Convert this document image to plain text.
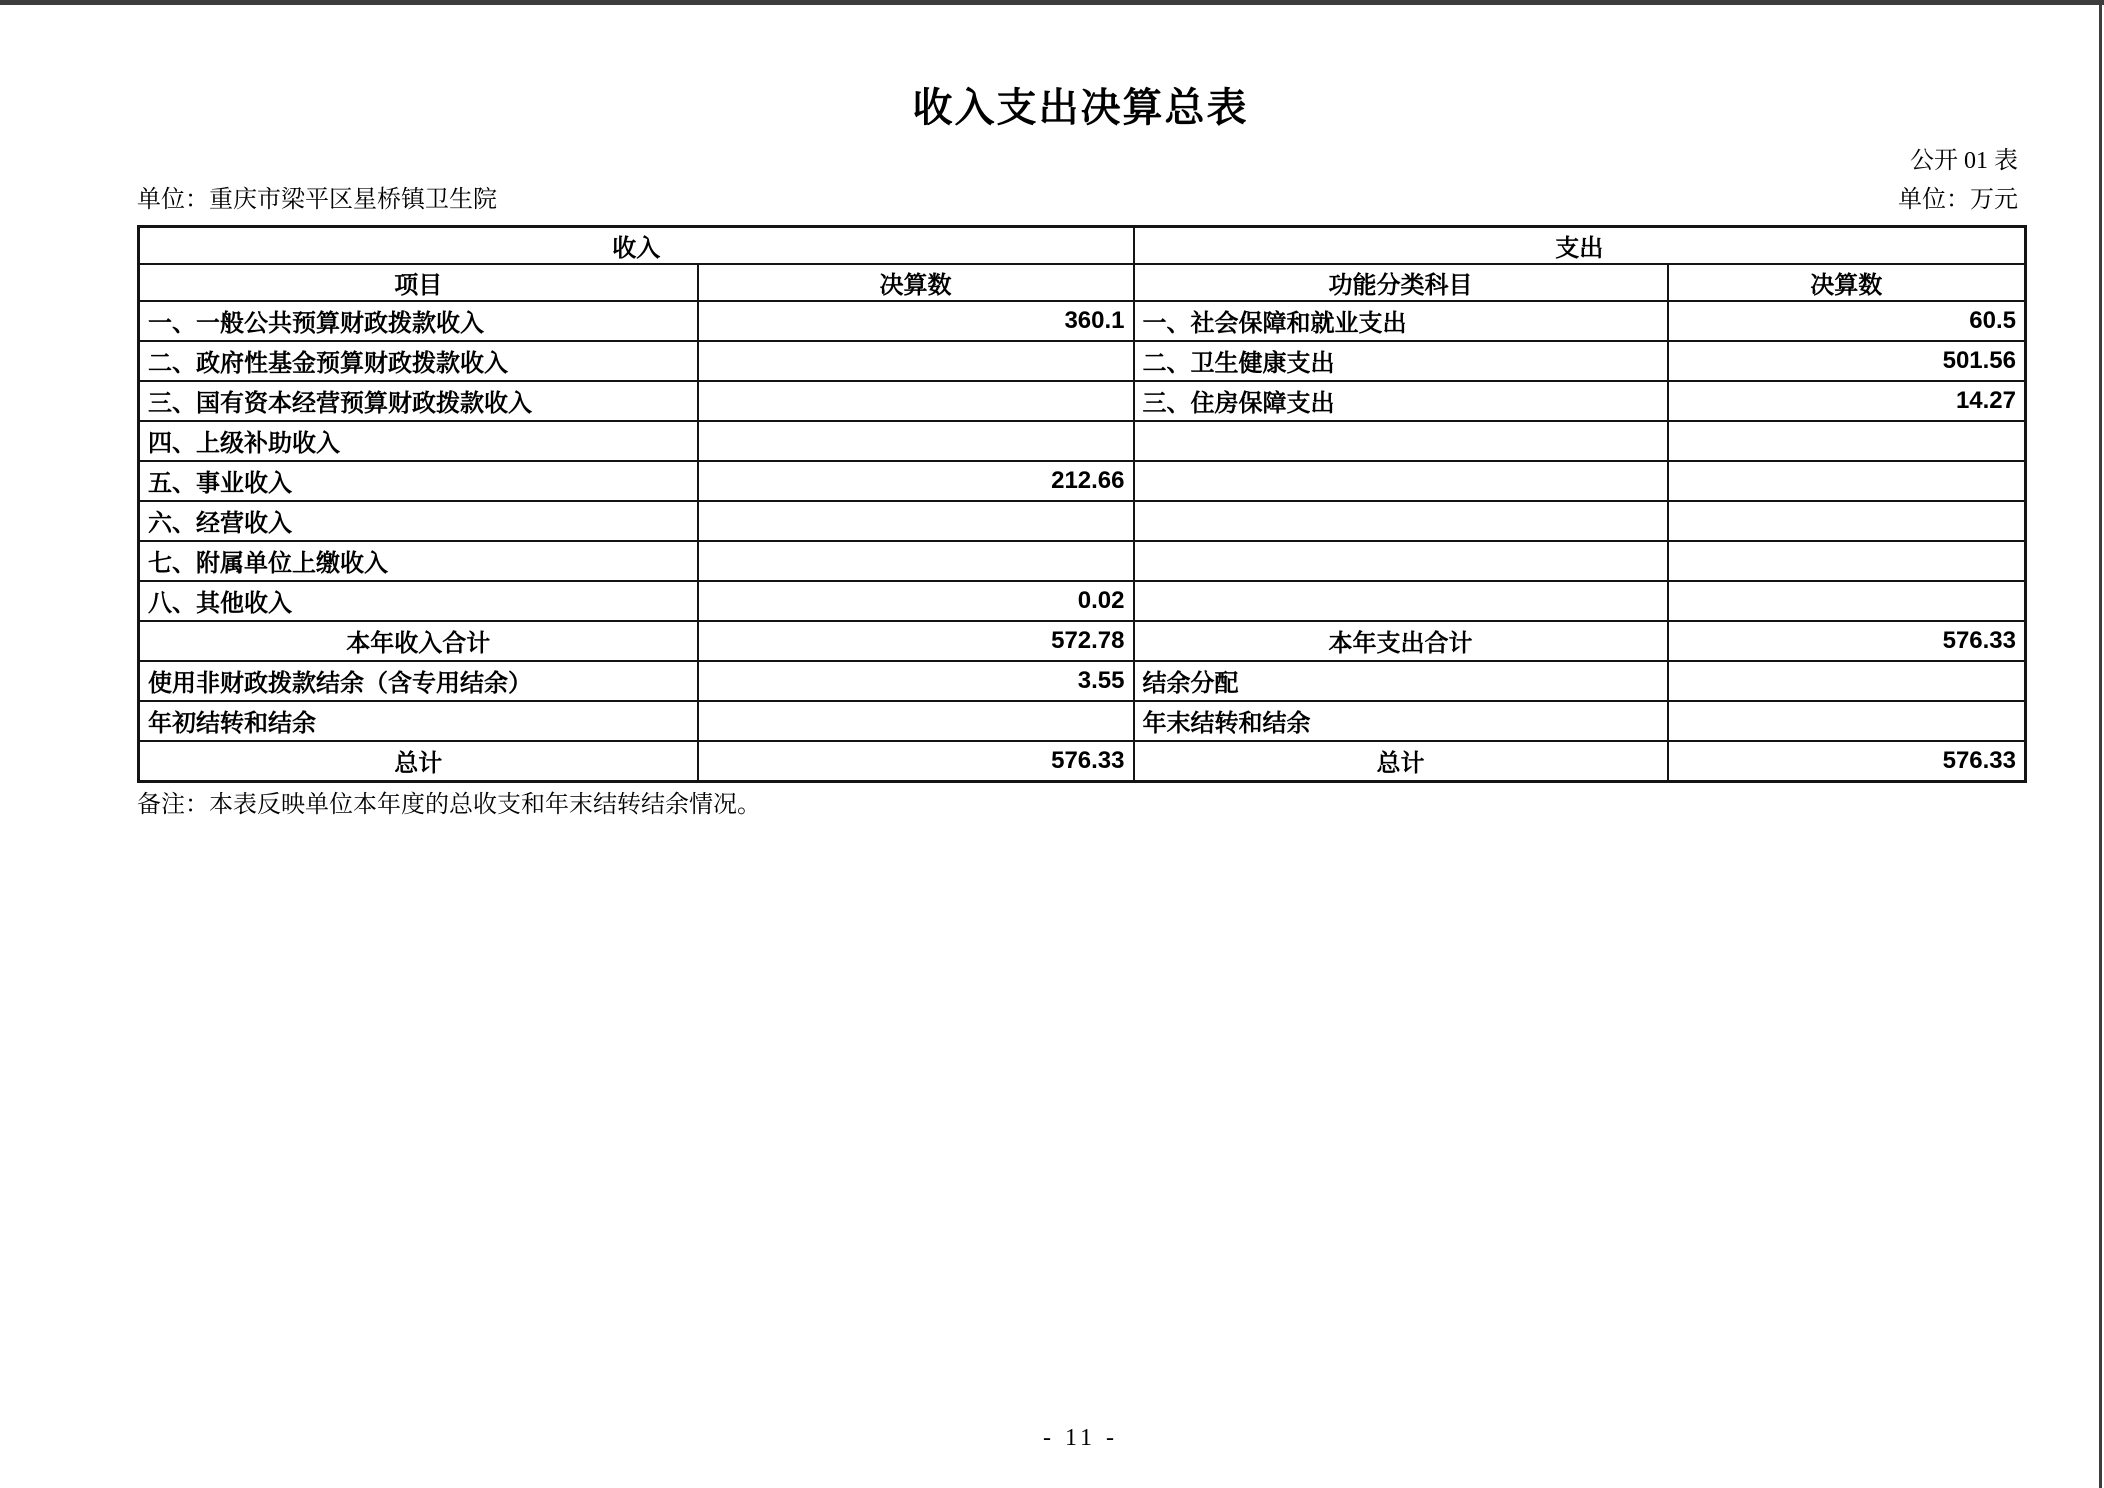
收入支出决算总表
公开 01 表
单位：重庆市梁平区星桥镇卫生院	单位：万元
收入		支出	
项目	决算数	功能分类科目	决算数
一、一般公共预算财政拨款收入	360.1	一、社会保障和就业支出	60.5
二、政府性基金预算财政拨款收入		二、卫生健康支出	501.56
三、国有资本经营预算财政拨款收入		三、住房保障支出	14.27
四、上级补助收入			
五、事业收入	212.66		
六、经营收入			
七、附属单位上缴收入			
八、其他收入	0.02		
本年收入合计	572.78	本年支出合计	576.33
使用非财政拨款结余（含专用结余）	3.55	结余分配	
年初结转和结余		年末结转和结余	
总计	576.33	总计	576.33
备注：本表反映单位本年度的总收支和年末结转结余情况。
- 11 -
